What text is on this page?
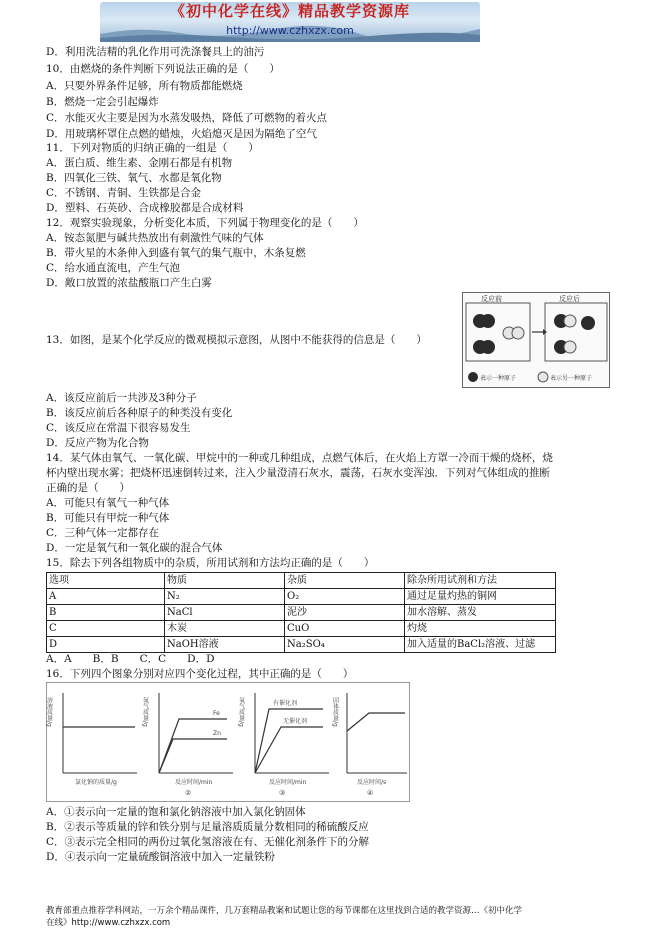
《初中化学在线》精品教学资源库
http://www.czhxzx.com
D．利用洗洁精的乳化作用可洗涤餐具上的油污
10．由燃烧的条件判断下列说法正确的是（　　）
A．只要外界条件足够，所有物质都能燃烧
B．燃烧一定会引起爆炸
C．水能灭火主要是因为水蒸发吸热，降低了可燃物的着火点
D．用玻璃杯罩住点燃的蜡烛，火焰熄灭是因为隔绝了空气
11．下列对物质的归纳正确的一组是（　　）
A．蛋白质、维生素、金刚石都是有机物
B．四氧化三铁、氧气、水都是氧化物
C．不锈钢、青铜、生铁都是合金
D．塑料、石英砂、合成橡胶都是合成材料
12．观察实验现象，分析变化本质，下列属于物理变化的是（　　）
A．铵态氮肥与碱共热放出有刺激性气味的气体
B．带火星的木条伸入到盛有氧气的集气瓶中，木条复燃
C．给水通直流电，产生气泡
D．敞口放置的浓盐酸瓶口产生白雾
13．如图，是某个化学反应的微观模拟示意图，从图中不能获得的信息是（　　）
反应前	反应后
表示一种原子	表示另一种原子
A．该反应前后一共涉及3种分子
B．该反应前后各种原子的种类没有变化
C．该反应在常温下很容易发生
D．反应产物为化合物
14．某气体由氧气、一氧化碳、甲烷中的一种或几种组成，点燃气体后，在火焰上方罩一冷而干燥的烧杯，烧
杯内壁出现水雾；把烧杯迅速倒转过来，注入少量澄清石灰水，震荡，石灰水变浑浊．下列对气体组成的推断
正确的是（　　）
A．可能只有氧气一种气体
B．可能只有甲烷一种气体
C．三种气体一定都存在
D．一定是氧气和一氧化碳的混合气体
15．除去下列各组物质中的杂质，所用试剂和方法均正确的是（　　）
选项	物质	杂质	除杂所用试剂和方法
A	N₂	O₂	通过足量灼热的铜网
B	NaCl	泥沙	加水溶解、蒸发
C	木炭	CuO	灼烧
D	NaOH溶液	Na₂SO₄	加入适量的BaCl₂溶液、过滤
A．A　　B．B　　C．C　　D．D
16．下列四个图象分别对应四个变化过程，其中正确的是（　　）
溶液质量/g
氯化钠的质量/g
氢气质量/g	Fe
Zn
反应时间/min
②
氧气质量/g	有催化剂
无催化剂
反应时间/min
③
固体质量/g
反应时间/s
④
A．①表示向一定量的饱和氯化钠溶液中加入氯化钠固体
B．②表示等质量的锌和铁分别与足量溶质质量分数相同的稀硫酸反应
C．③表示完全相同的两份过氧化氢溶液在有、无催化剂条件下的分解
D．④表示向一定量硫酸铜溶液中加入一定量铁粉
教育部重点推荐学科网站，一万余个精品课件，几万套精品教案和试题让您的每节课都在这里找到合适的教学资源…《初中化学
在线》http://www.czhxzx.com
